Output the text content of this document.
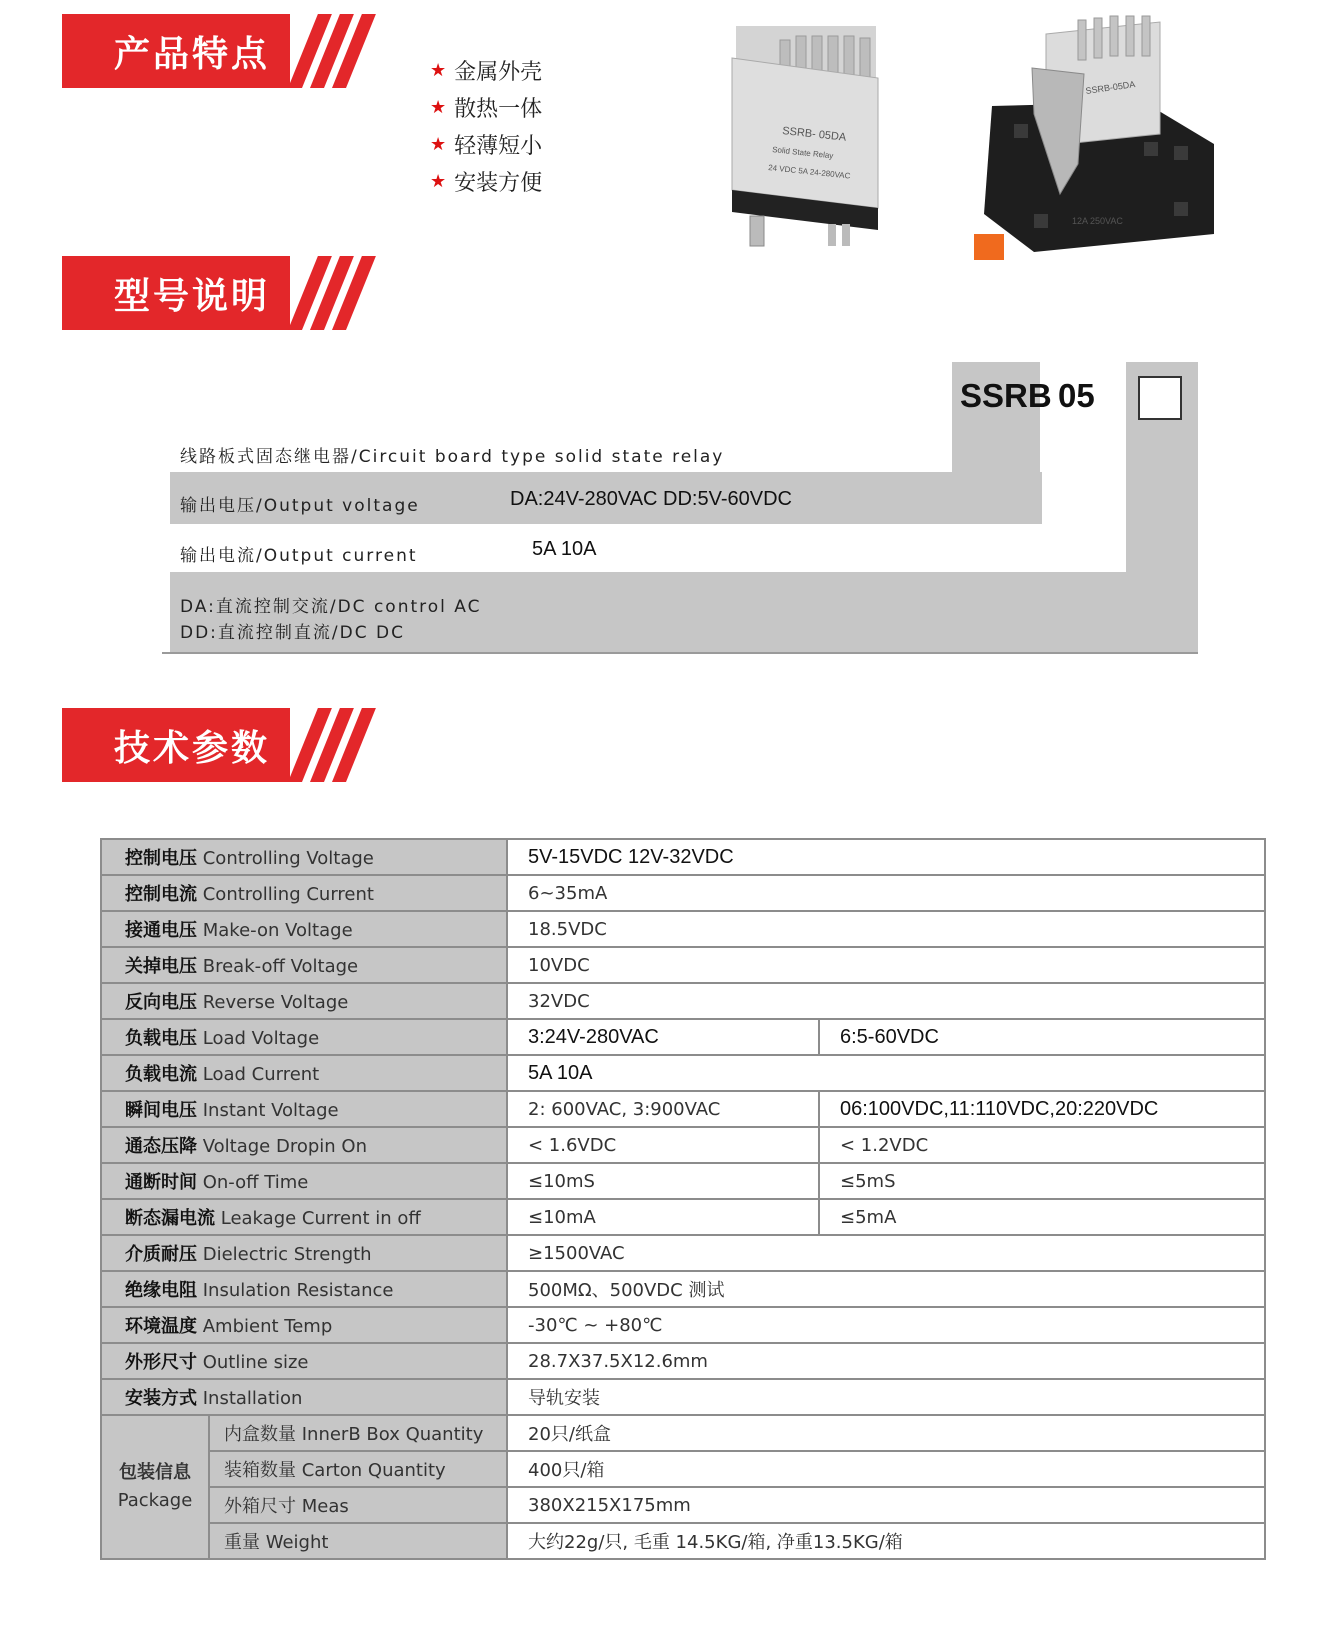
产品特点	★ 金属外壳
★ 散热一体
★ 轻薄短小
★ 安装方便
SSRB- 05DA
Solid State Relay
24 VDC 5A 24-280VAC
SSRB-05DA
12A 250VAC
型号说明
SSRB 05
线路板式固态继电器/Circuit board type solid state relay
输出电压/Output voltage	DA:24V-280VAC DD:5V-60VDC
输出电流/Output current	5A 10A
DA:直流控制交流/DC control AC
DD:直流控制直流/DC DC
技术参数
控制电压 Controlling Voltage		5V-15VDC 12V-32VDC	
控制电流 Controlling Current		6~35mA	
接通电压 Make-on Voltage		18.5VDC	
关掉电压 Break-off Voltage		10VDC	
反向电压 Reverse Voltage		32VDC	
负载电压 Load Voltage		3:24V-280VAC	6:5-60VDC
负载电流 Load Current		5A 10A	
瞬间电压 Instant Voltage		2: 600VAC, 3:900VAC	06:100VDC,11:110VDC,20:220VDC
通态压降 Voltage Dropin On		< 1.6VDC	< 1.2VDC
通断时间 On-off Time		≤10mS	≤5mS
断态漏电流 Leakage Current in off		≤10mA	≤5mA
介质耐压 Dielectric Strength		≥1500VAC	
绝缘电阻 Insulation Resistance		500MΩ、500VDC 测试	
环境温度 Ambient Temp		-30℃ ~ +80℃	
外形尺寸 Outline size		28.7X37.5X12.6mm	
安装方式 Installation		导轨安装	
包装信息
Package	内盒数量 InnerB Box Quantity	20只/纸盒	
	装箱数量 Carton Quantity	400只/箱	
	外箱尺寸 Meas	380X215X175mm	
	重量 Weight	大约22g/只, 毛重 14.5KG/箱, 净重13.5KG/箱	
